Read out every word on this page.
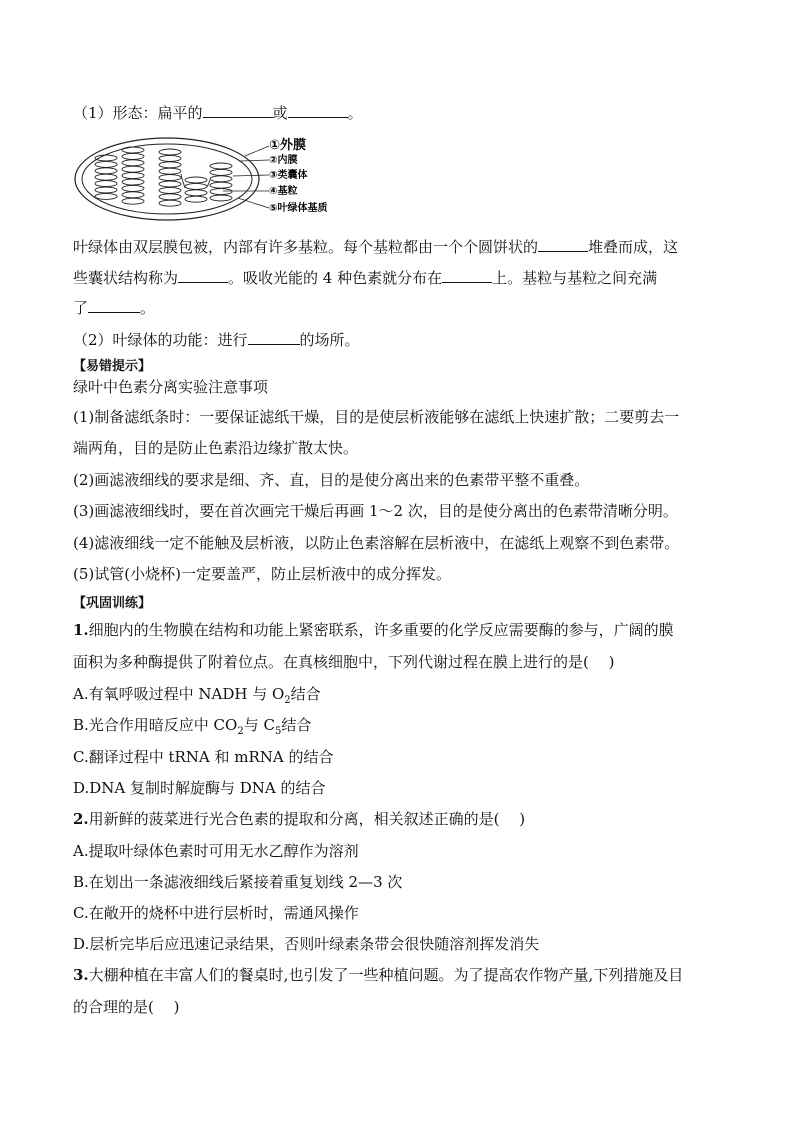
（1）形态：扁平的	或	。
①外膜
②内膜
③类囊体
④基粒
⑤叶绿体基质
叶绿体由双层膜包被，内部有许多基粒。每个基粒都由一个个圆饼状的	堆叠而成，这
些囊状结构称为	。吸收光能的 4 种色素就分布在	上。基粒与基粒之间充满
了	。
（2）叶绿体的功能：进行	的场所。
【易错提示】
绿叶中色素分离实验注意事项
(1)制备滤纸条时：一要保证滤纸干燥，目的是使层析液能够在滤纸上快速扩散；二要剪去一
端两角，目的是防止色素沿边缘扩散太快。
(2)画滤液细线的要求是细、齐、直，目的是使分离出来的色素带平整不重叠。
(3)画滤液细线时，要在首次画完干燥后再画 1～2 次，目的是使分离出的色素带清晰分明。
(4)滤液细线一定不能触及层析液，以防止色素溶解在层析液中，在滤纸上观察不到色素带。
(5)试管(小烧杯)一定要盖严，防止层析液中的成分挥发。
【巩固训练】
1.细胞内的生物膜在结构和功能上紧密联系，许多重要的化学反应需要酶的参与，广阔的膜
面积为多种酶提供了附着位点。在真核细胞中，下列代谢过程在膜上进行的是(　 )
A.有氧呼吸过程中 NADH 与 $O_2$结合
B.光合作用暗反应中 $CO_2$与 $C_5$结合
C.翻译过程中 tRNA 和 mRNA 的结合
D.DNA 复制时解旋酶与 DNA 的结合
2.用新鲜的菠菜进行光合色素的提取和分离，相关叙述正确的是(　 )
A.提取叶绿体色素时可用无水乙醇作为溶剂
B.在划出一条滤液细线后紧接着重复划线 2—3 次
C.在敞开的烧杯中进行层析时，需通风操作
D.层析完毕后应迅速记录结果，否则叶绿素条带会很快随溶剂挥发消失
3.大棚种植在丰富人们的餐桌时,也引发了一些种植问题。为了提高农作物产量,下列措施及目
的合理的是(　 )
